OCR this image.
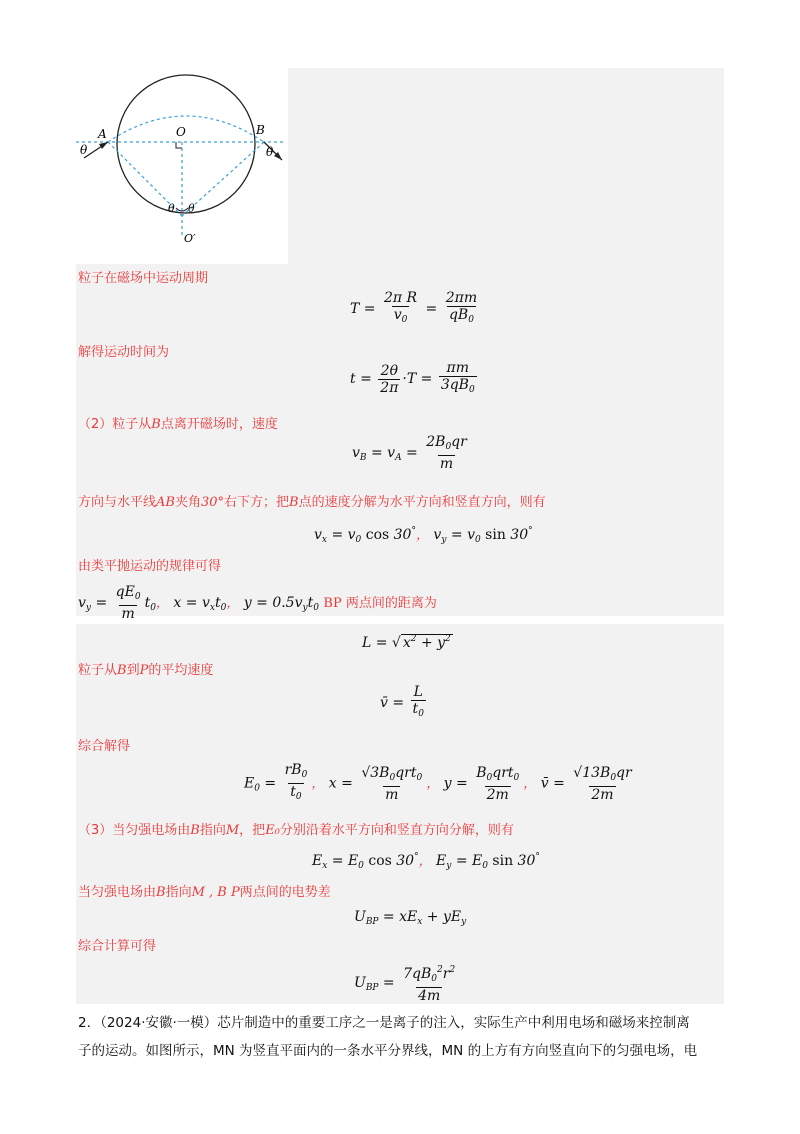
A	B
O
O′
θ	θ
θ θ
粒子在磁场中运动周期
$T = \frac{\text{2π R}}{v_0} = \frac{2\pi m}{qB_0}$
解得运动时间为
$t = \frac{2\theta}{2\pi} \cdot T = \frac{\pi m}{3qB_0}$
（2）粒子从B点离开磁场时，速度
$v_B = v_A = \frac{2B_0qr}{m}$
方向与水平线AB夹角30°右下方；把B点的速度分解为水平方向和竖直方向，则有
$v_x = v_0$ cos 30°， $v_y = v_0$ sin 30°
由类平抛运动的规律可得
$v_y = \frac{qE_0}{m} t_0$， $x = v_xt_0$， $y = 0.5v_yt_0$ BP 两点间的距离为
L = √ $x^2 + y^2$
粒子从B到P的平均速度
v̄ = $\frac{L}{t_0}$
综合解得
$E_0 = \frac{rB_0}{t_0}$ ， $x = \frac{√3B_0qrt_0}{m}$ ， $y = \frac{B_0qrt_0}{2m}$ ， v̄ = $\frac{√13B_0qr}{2m}$
（3）当匀强电场由B指向M，把E₀分别沿着水平方向和竖直方向分解，则有
$E_x = E_0$ cos 30°， $E_y = E_0$ sin 30°
当匀强电场由B指向M , B P两点间的电势差
$U_{BP} = xE_x + yE_y$
综合计算可得
$U_{BP} = \frac{7qB_0^2r^2}{4m}$
2．（2024·安徽·一模）芯片制造中的重要工序之一是离子的注入，实际生产中利用电场和磁场来控制离
子的运动。如图所示，MN 为竖直平面内的一条水平分界线，MN 的上方有方向竖直向下的匀强电场，电
